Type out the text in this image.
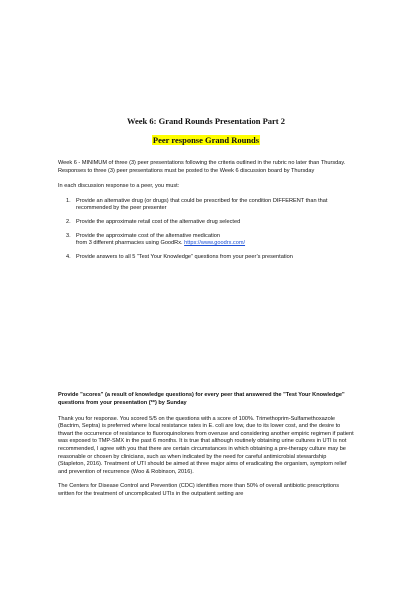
Week 6: Grand Rounds Presentation Part 2
Peer response Grand Rounds

Week 6 - MINIMUM of three (3) peer presentations following the criteria outlined in the rubric no later than Thursday. Responses to three (3) peer presentations must be posted to the Week 6 discussion board by Thursday

In each discussion response to a peer, you must:

1. Provide an alternative drug (or drugs) that could be prescribed for the condition DIFFERENT than that recommended by the peer presenter
2. Provide the approximate retail cost of the alternative drug selected
3. Provide the approximate cost of the alternative medication
from 3 different pharmacies using GoodRx. https://www.goodrx.com/
4. Provide answers to all 5 “Test Your Knowledge” questions from your peer’s presentation

Provide "scores" (a result of knowledge questions) for every peer that answered the "Test Your Knowledge" questions from your presentation (**) by Sunday

Thank you for response. You scored 5/5 on the questions with a score of 100%. Trimethoprim-Sulfamethoxazole (Bactrim, Septra) is preferred where local resistance rates in E. coli are low, due to its lower cost, and the desire to thwart the occurrence of resistance to fluoroquinolones from overuse and considering another empiric regimen if patient was exposed to TMP-SMX in the past 6 months. It is true that although routinely obtaining urine cultures in UTI is not recommended, I agree with you that there are certain circumstances in which obtaining a pre-therapy culture may be reasonable or chosen by clinicians, such as when indicated by the need for careful antimicrobial stewardship (Stapleton, 2016). Treatment of UTI should be aimed at three major aims of eradicating the organism, symptom relief and prevention of recurrence (Woo & Robinson, 2016).

The Centers for Disease Control and Prevention (CDC) identifies more than 50% of overall antibiotic prescriptions written for the treatment of uncomplicated UTIs in the outpatient setting are
